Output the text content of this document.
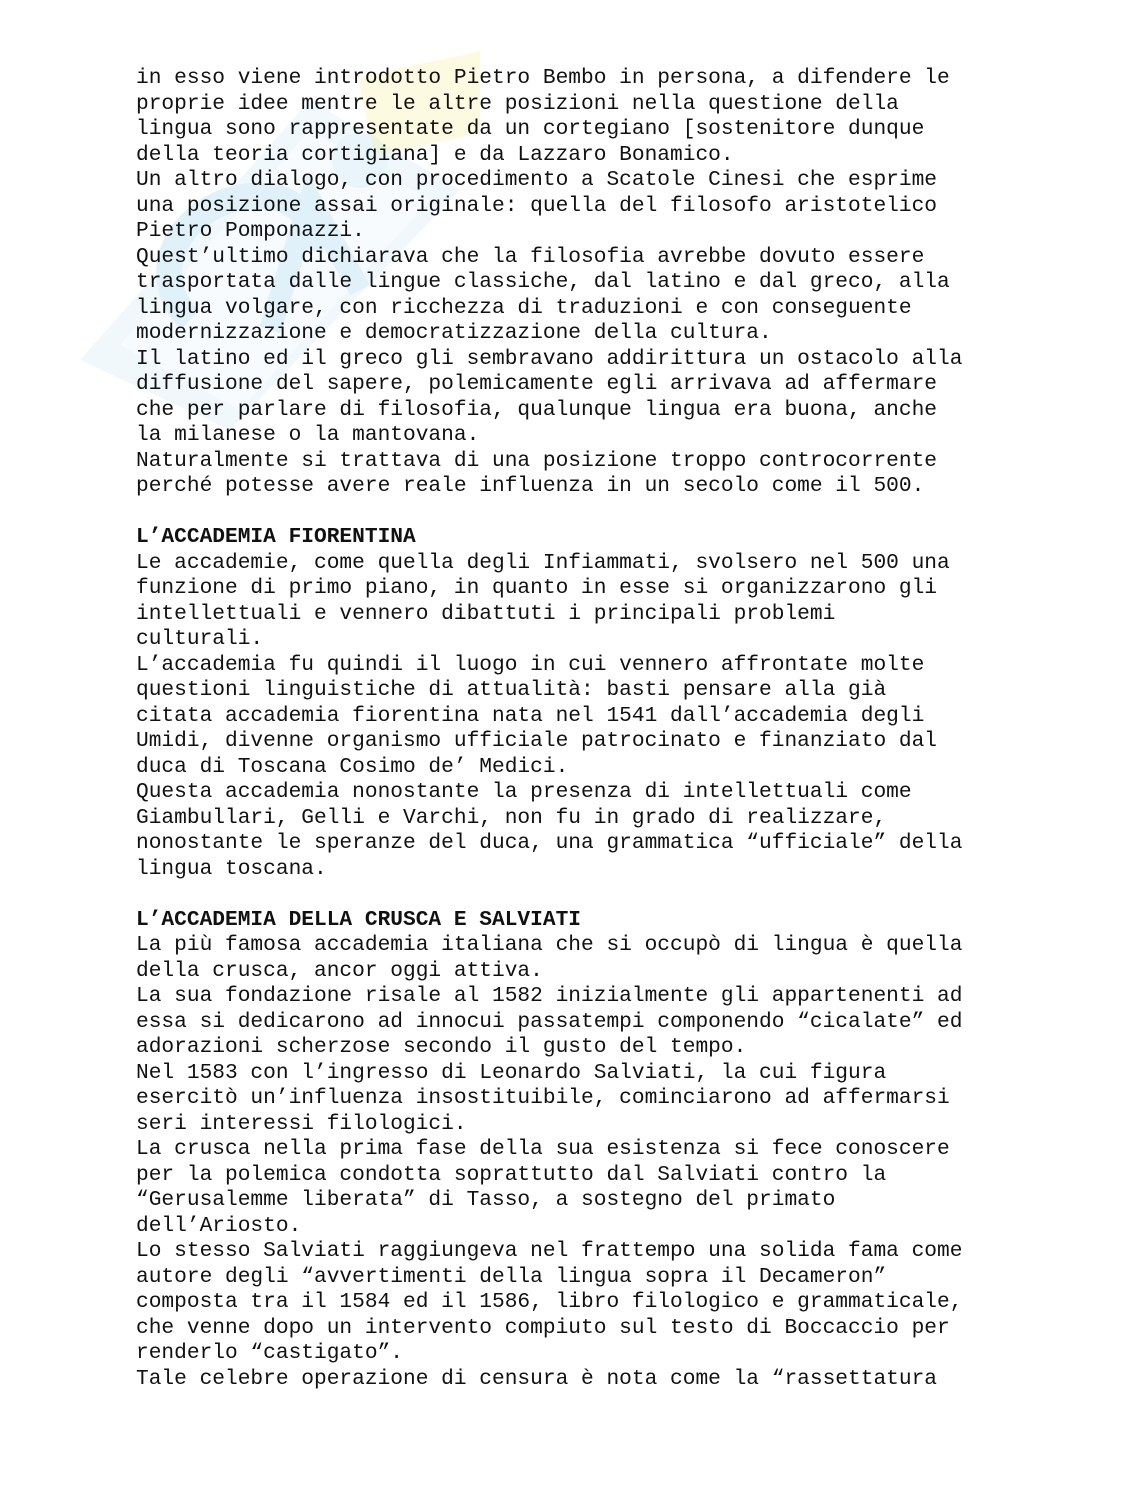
in esso viene introdotto Pietro Bembo in persona, a difendere le
proprie idee mentre le altre posizioni nella questione della
lingua sono rappresentate da un cortegiano [sostenitore dunque
della teoria cortigiana] e da Lazzaro Bonamico.
Un altro dialogo, con procedimento a Scatole Cinesi che esprime
una posizione assai originale: quella del filosofo aristotelico
Pietro Pomponazzi.
Quest’ultimo dichiarava che la filosofia avrebbe dovuto essere
trasportata dalle lingue classiche, dal latino e dal greco, alla
lingua volgare, con ricchezza di traduzioni e con conseguente
modernizzazione e democratizzazione della cultura.
Il latino ed il greco gli sembravano addirittura un ostacolo alla
diffusione del sapere, polemicamente egli arrivava ad affermare
che per parlare di filosofia, qualunque lingua era buona, anche
la milanese o la mantovana.
Naturalmente si trattava di una posizione troppo controcorrente
perché potesse avere reale influenza in un secolo come il 500.
L’ACCADEMIA FIORENTINA
Le accademie, come quella degli Infiammati, svolsero nel 500 una
funzione di primo piano, in quanto in esse si organizzarono gli
intellettuali e vennero dibattuti i principali problemi
culturali.
L’accademia fu quindi il luogo in cui vennero affrontate molte
questioni linguistiche di attualità: basti pensare alla già
citata accademia fiorentina nata nel 1541 dall’accademia degli
Umidi, divenne organismo ufficiale patrocinato e finanziato dal
duca di Toscana Cosimo de’ Medici.
Questa accademia nonostante la presenza di intellettuali come
Giambullari, Gelli e Varchi, non fu in grado di realizzare,
nonostante le speranze del duca, una grammatica “ufficiale” della
lingua toscana.
L’ACCADEMIA DELLA CRUSCA E SALVIATI
La più famosa accademia italiana che si occupò di lingua è quella
della crusca, ancor oggi attiva.
La sua fondazione risale al 1582 inizialmente gli appartenenti ad
essa si dedicarono ad innocui passatempi componendo “cicalate” ed
adorazioni scherzose secondo il gusto del tempo.
Nel 1583 con l’ingresso di Leonardo Salviati, la cui figura
esercitò un’influenza insostituibile, cominciarono ad affermarsi
seri interessi filologici.
La crusca nella prima fase della sua esistenza si fece conoscere
per la polemica condotta soprattutto dal Salviati contro la
“Gerusalemme liberata” di Tasso, a sostegno del primato
dell’Ariosto.
Lo stesso Salviati raggiungeva nel frattempo una solida fama come
autore degli “avvertimenti della lingua sopra il Decameron”
composta tra il 1584 ed il 1586, libro filologico e grammaticale,
che venne dopo un intervento compiuto sul testo di Boccaccio per
renderlo “castigato”.
Tale celebre operazione di censura è nota come la “rassettatura
